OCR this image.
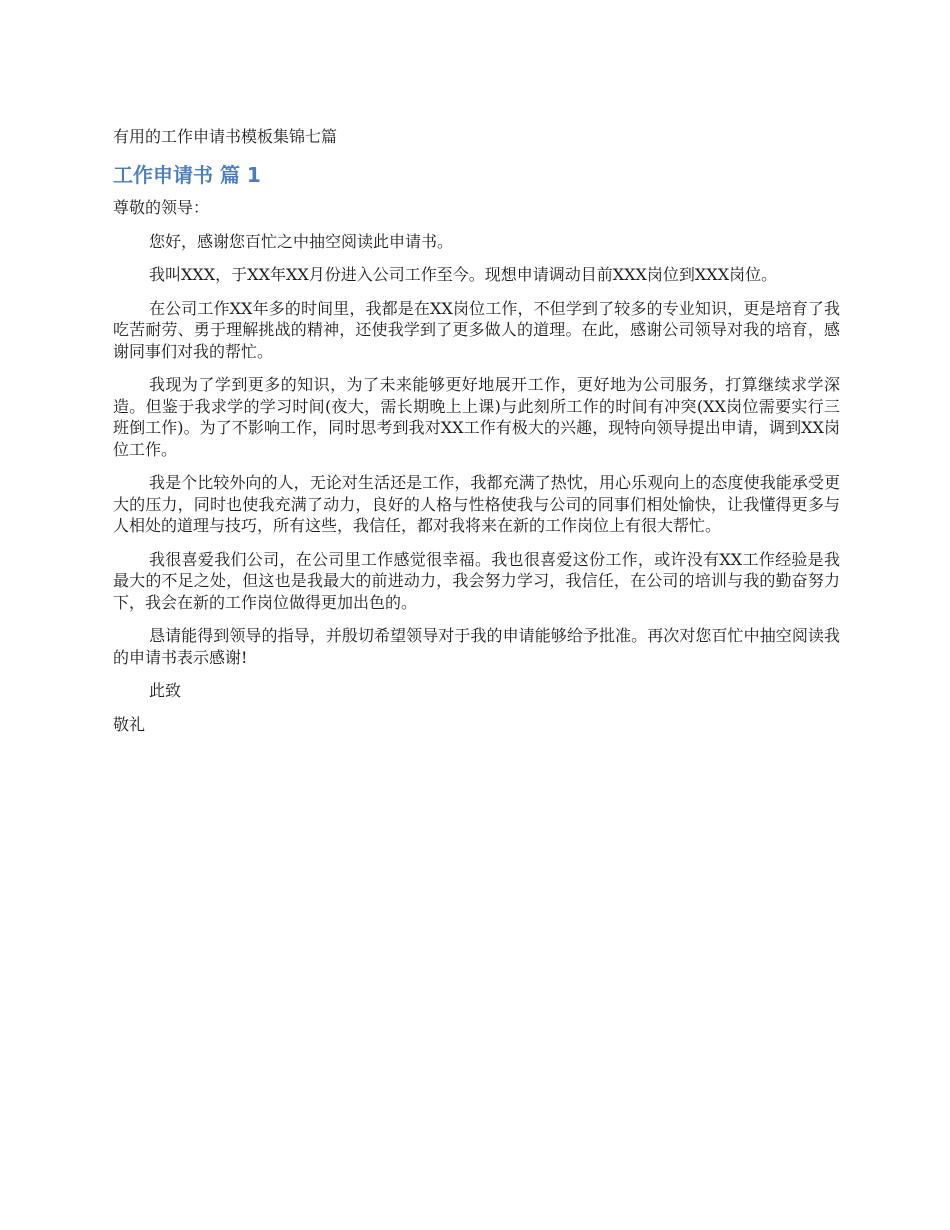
有用的工作申请书模板集锦七篇
工作申请书 篇 1
尊敬的领导：
您好，感谢您百忙之中抽空阅读此申请书。
我叫XXX，于XX年XX月份进入公司工作至今。现想申请调动目前XXX岗位到XXX岗位。
在公司工作XX年多的时间里，我都是在XX岗位工作，不但学到了较多的专业知识，更是培育了我吃苦耐劳、勇于理解挑战的精神，还使我学到了更多做人的道理。在此，感谢公司领导对我的培育，感谢同事们对我的帮忙。
我现为了学到更多的知识，为了未来能够更好地展开工作，更好地为公司服务，打算继续求学深造。但鉴于我求学的学习时间(夜大，需长期晚上上课)与此刻所工作的时间有冲突(XX岗位需要实行三班倒工作)。为了不影响工作，同时思考到我对XX工作有极大的兴趣，现特向领导提出申请，调到XX岗位工作。
我是个比较外向的人，无论对生活还是工作，我都充满了热忱，用心乐观向上的态度使我能承受更大的压力，同时也使我充满了动力，良好的人格与性格使我与公司的同事们相处愉快，让我懂得更多与人相处的道理与技巧，所有这些，我信任，都对我将来在新的工作岗位上有很大帮忙。
我很喜爱我们公司，在公司里工作感觉很幸福。我也很喜爱这份工作，或许没有XX工作经验是我最大的不足之处，但这也是我最大的前进动力，我会努力学习，我信任，在公司的培训与我的勤奋努力下，我会在新的工作岗位做得更加出色的。
恳请能得到领导的指导，并殷切希望领导对于我的申请能够给予批准。再次对您百忙中抽空阅读我的申请书表示感谢!
此致
敬礼
